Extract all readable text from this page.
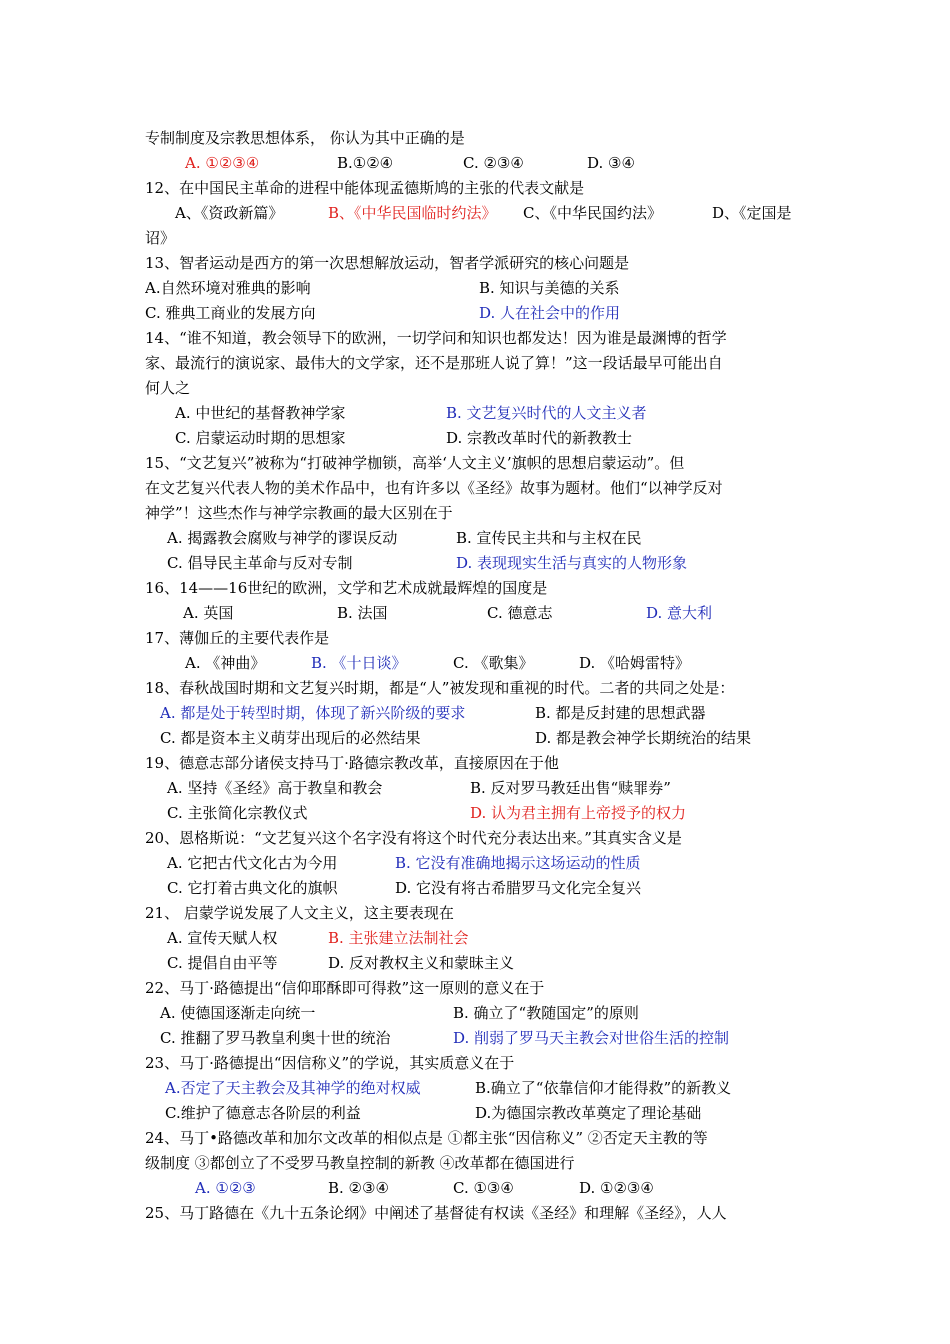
专制制度及宗教思想体系， 你认为其中正确的是
A. ①②③④	B.①②④	C. ②③④	D. ③④
12、在中国民主革命的进程中能体现孟德斯鸠的主张的代表文献是
A、《资政新篇》	B、《中华民国临时约法》 C、《中华民国约法》	D、《定国是
诏》
13、智者运动是西方的第一次思想解放运动，智者学派研究的核心问题是
A.自然环境对雅典的影响	B. 知识与美德的关系
C. 雅典工商业的发展方向	D. 人在社会中的作用
14、“谁不知道，教会领导下的欧洲，一切学问和知识也都发达！因为谁是最渊博的哲学
家、最流行的演说家、最伟大的文学家，还不是那班人说了算！”这一段话最早可能出自
何人之
A. 中世纪的基督教神学家	B. 文艺复兴时代的人文主义者
C. 启蒙运动时期的思想家	D. 宗教改革时代的新教教士
15、“文艺复兴”被称为“打破神学枷锁，高举‘人文主义’旗帜的思想启蒙运动”。但
在文艺复兴代表人物的美术作品中，也有许多以《圣经》故事为题材。他们“以神学反对
神学”！这些杰作与神学宗教画的最大区别在于
A. 揭露教会腐败与神学的谬误反动	B. 宣传民主共和与主权在民
C. 倡导民主革命与反对专制	D. 表现现实生活与真实的人物形象
16、14——16世纪的欧洲，文学和艺术成就最辉煌的国度是
A. 英国	B. 法国	C. 德意志	D. 意大利
17、薄伽丘的主要代表作是
A. 《神曲》	B. 《十日谈》	C. 《歌集》	D. 《哈姆雷特》
18、春秋战国时期和文艺复兴时期，都是“人”被发现和重视的时代。二者的共同之处是：
A. 都是处于转型时期，体现了新兴阶级的要求	B. 都是反封建的思想武器
C. 都是资本主义萌芽出现后的必然结果	D. 都是教会神学长期统治的结果
19、德意志部分诸侯支持马丁·路德宗教改革，直接原因在于他
A. 坚持《圣经》高于教皇和教会	B. 反对罗马教廷出售“赎罪券”
C. 主张简化宗教仪式	D. 认为君主拥有上帝授予的权力
20、恩格斯说：“文艺复兴这个名字没有将这个时代充分表达出来。”其真实含义是
A. 它把古代文化古为今用	B. 它没有准确地揭示这场运动的性质
C. 它打着古典文化的旗帜	D. 它没有将古希腊罗马文化完全复兴
21、 启蒙学说发展了人文主义，这主要表现在
A. 宣传天赋人权	B. 主张建立法制社会
C. 提倡自由平等	D. 反对教权主义和蒙昧主义
22、马丁·路德提出“信仰耶酥即可得救”这一原则的意义在于
A. 使德国逐渐走向统一	B. 确立了“教随国定”的原则
C. 推翻了罗马教皇利奥十世的统治	D. 削弱了罗马天主教会对世俗生活的控制
23、马丁·路德提出“因信称义”的学说，其实质意义在于
A.否定了天主教会及其神学的绝对权威	B.确立了“依靠信仰才能得救”的新教义
C.维护了德意志各阶层的利益	D.为德国宗教改革奠定了理论基础
24、马丁•路德改革和加尔文改革的相似点是 ①都主张“因信称义” ②否定天主教的等
级制度 ③都创立了不受罗马教皇控制的新教 ④改革都在德国进行
A. ①②③	B. ②③④	C. ①③④	D. ①②③④
25、马丁路德在《九十五条论纲》中阐述了基督徒有权读《圣经》和理解《圣经》，人人
